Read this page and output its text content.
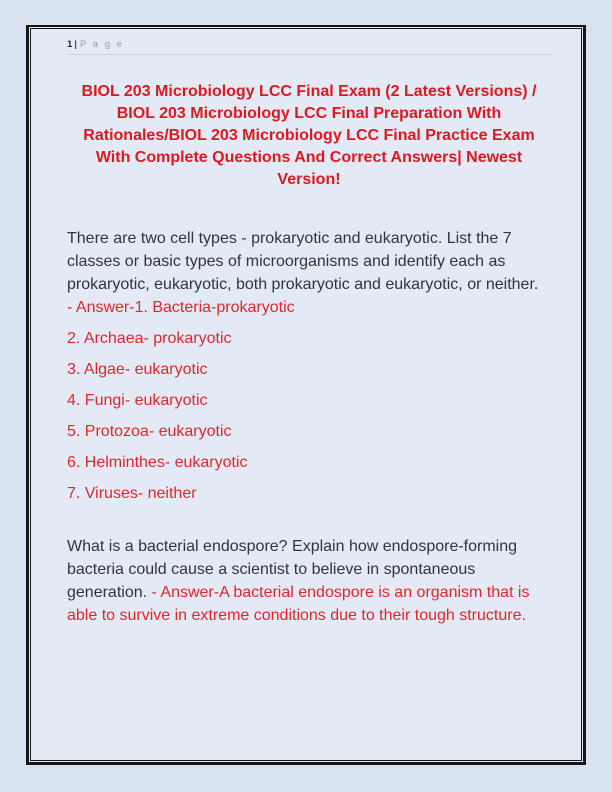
1 | P a g e
BIOL 203 Microbiology LCC Final Exam (2 Latest Versions) / BIOL 203 Microbiology LCC Final Preparation With Rationales/BIOL 203 Microbiology LCC Final Practice Exam With Complete Questions And Correct Answers| Newest Version!
There are two cell types - prokaryotic and eukaryotic. List the 7 classes or basic types of microorganisms and identify each as prokaryotic, eukaryotic, both prokaryotic and eukaryotic, or neither. - Answer-1. Bacteria-prokaryotic
2. Archaea- prokaryotic
3. Algae- eukaryotic
4. Fungi- eukaryotic
5. Protozoa- eukaryotic
6. Helminthes- eukaryotic
7. Viruses- neither
What is a bacterial endospore? Explain how endospore-forming bacteria could cause a scientist to believe in spontaneous generation. - Answer-A bacterial endospore is an organism that is able to survive in extreme conditions due to their tough structure.
